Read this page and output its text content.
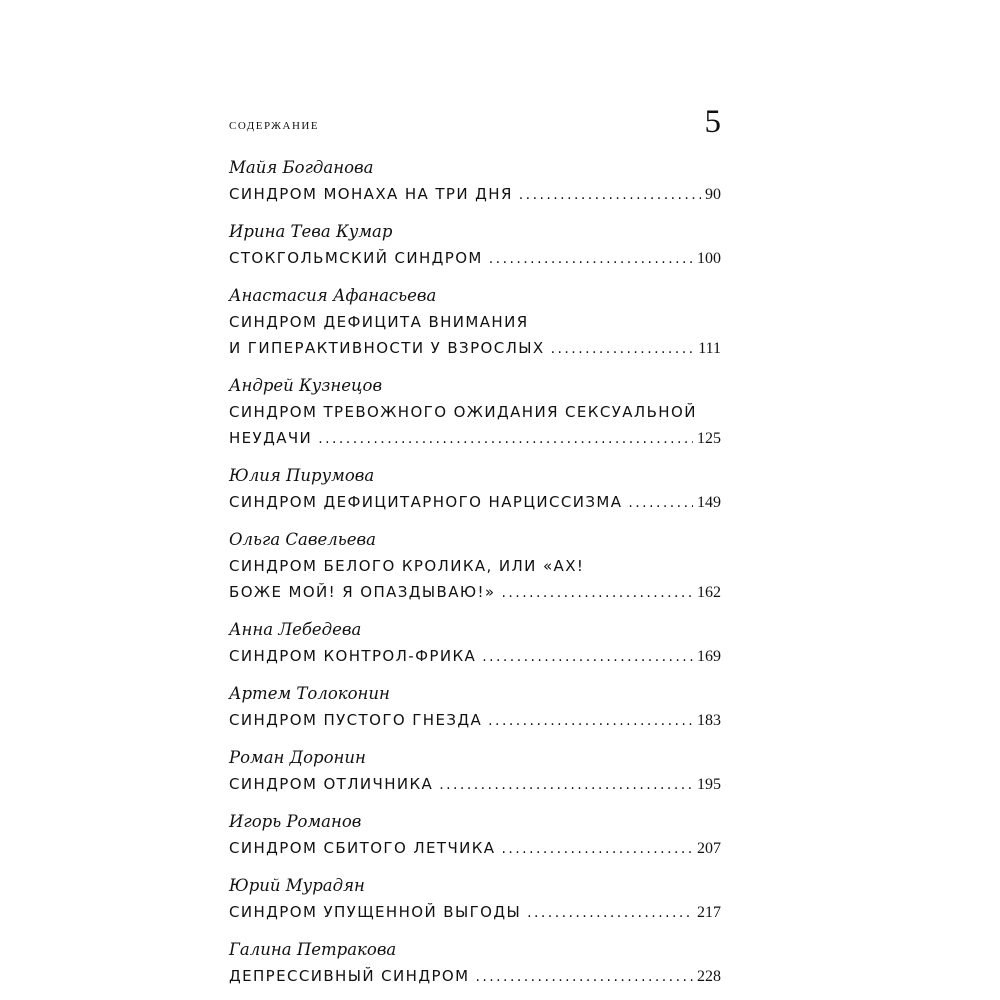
СОДЕРЖАНИЕ	5
Майя Богданова
СИНДРОМ МОНАХА НА ТРИ ДНЯ . . .	90
Ирина Тева Кумар
СТОКГОЛЬМСКИЙ СИНДРОМ . . .	100
Анастасия Афанасьева
СИНДРОМ ДЕФИЦИТА ВНИМАНИЯ
И ГИПЕРАКТИВНОСТИ У ВЗРОСЛЫХ . . .	111
Андрей Кузнецов
СИНДРОМ ТРЕВОЖНОГО ОЖИДАНИЯ СЕКСУАЛЬНОЙ
НЕУДАЧИ . . .	125
Юлия Пирумова
СИНДРОМ ДЕФИЦИТАРНОГО НАРЦИССИЗМА . . .	149
Ольга Савельева
СИНДРОМ БЕЛОГО КРОЛИКА, ИЛИ «АХ!
БОЖЕ МОЙ! Я ОПАЗДЫВАЮ!» . . .	162
Анна Лебедева
СИНДРОМ КОНТРОЛ-ФРИКА . . .	169
Артем Толоконин
СИНДРОМ ПУСТОГО ГНЕЗДА . . .	183
Роман Доронин
СИНДРОМ ОТЛИЧНИКА . . .	195
Игорь Романов
СИНДРОМ СБИТОГО ЛЕТЧИКА . . .	207
Юрий Мурадян
СИНДРОМ УПУЩЕННОЙ ВЫГОДЫ . . .	217
Галина Петракова
ДЕПРЕССИВНЫЙ СИНДРОМ . . .	228
